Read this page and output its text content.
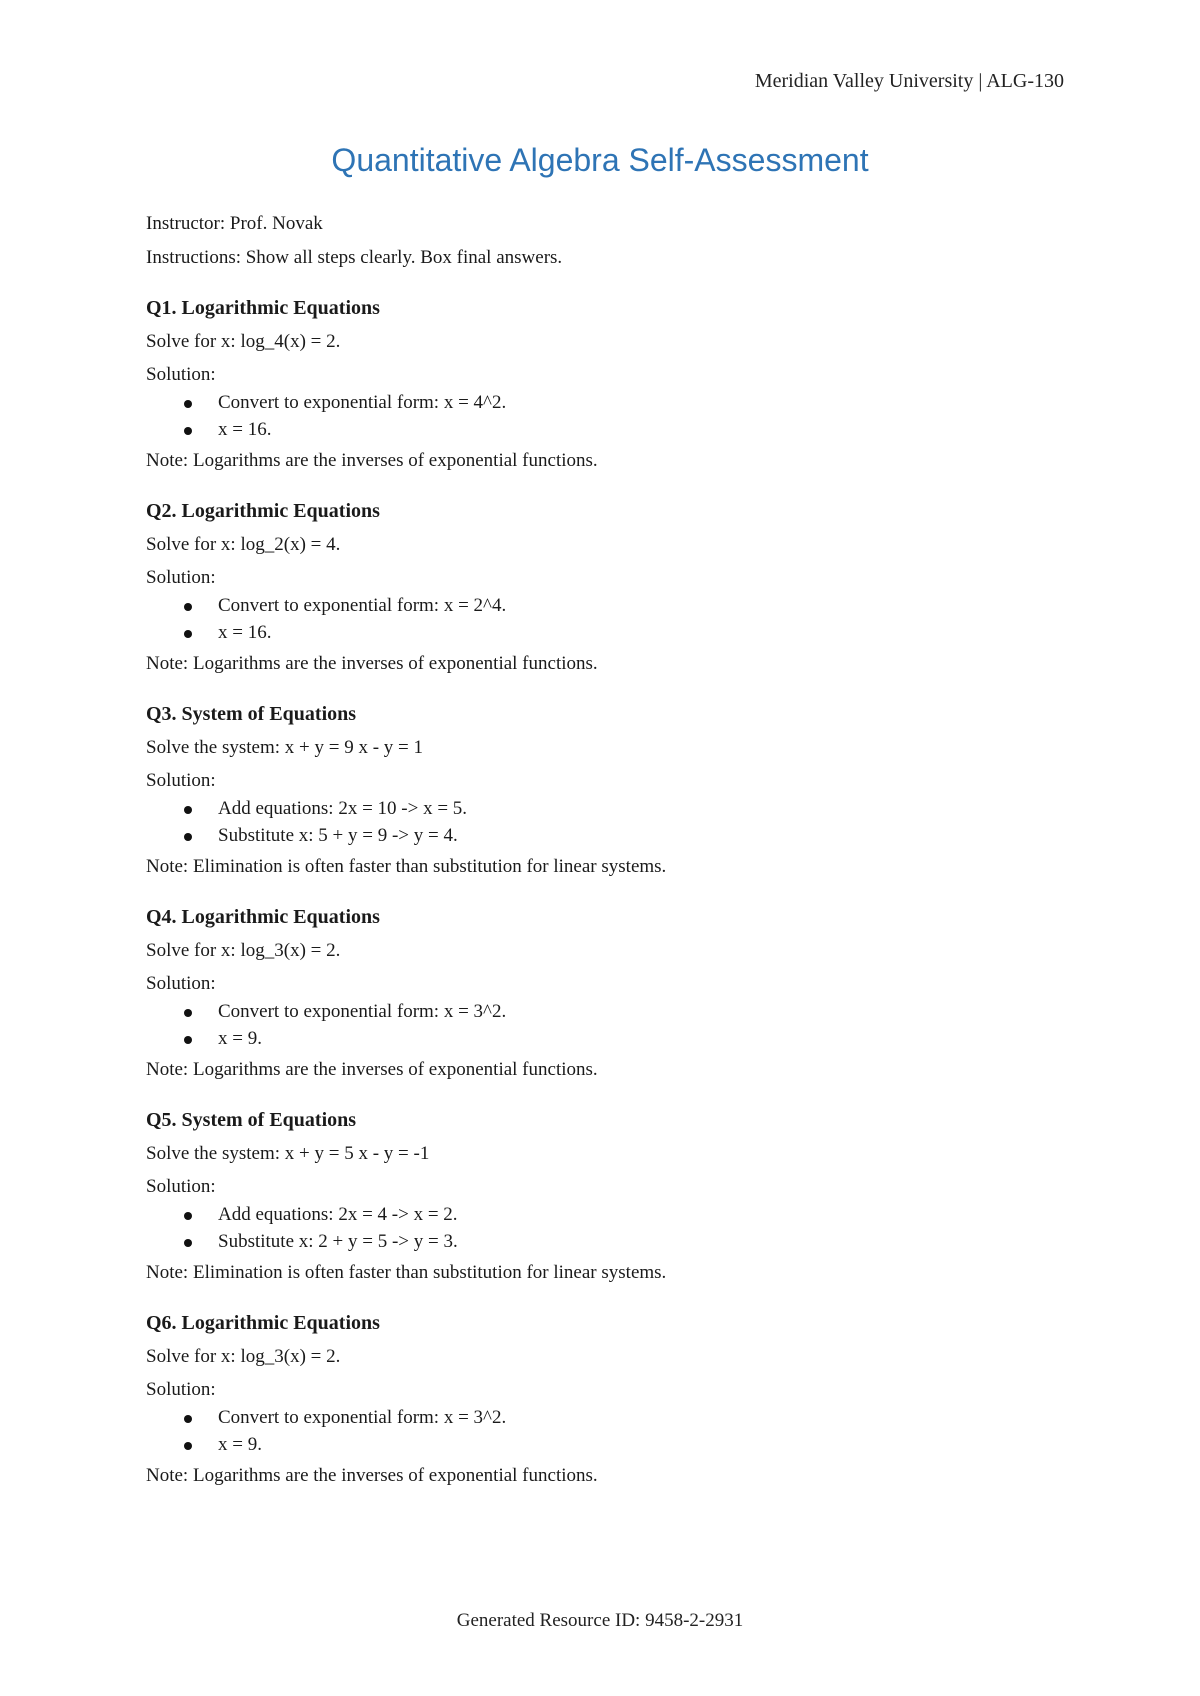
Meridian Valley University | ALG-130
Quantitative Algebra Self-Assessment

Instructor: Prof. Novak

Instructions: Show all steps clearly. Box final answers.

Q1. Logarithmic Equations

Solve for x: log_4(x) = 2.

Solution:

Convert to exponential form: x = 4^2.
x = 16.

Note: Logarithms are the inverses of exponential functions.

Q2. Logarithmic Equations

Solve for x: log_2(x) = 4.

Solution:

Convert to exponential form: x = 2^4.
x = 16.

Note: Logarithms are the inverses of exponential functions.

Q3. System of Equations

Solve the system: x + y = 9 x - y = 1

Solution:

Add equations: 2x = 10 -> x = 5.
Substitute x: 5 + y = 9 -> y = 4.

Note: Elimination is often faster than substitution for linear systems.

Q4. Logarithmic Equations

Solve for x: log_3(x) = 2.

Solution:

Convert to exponential form: x = 3^2.
x = 9.

Note: Logarithms are the inverses of exponential functions.

Q5. System of Equations

Solve the system: x + y = 5 x - y = -1

Solution:

Add equations: 2x = 4 -> x = 2.
Substitute x: 2 + y = 5 -> y = 3.

Note: Elimination is often faster than substitution for linear systems.

Q6. Logarithmic Equations

Solve for x: log_3(x) = 2.

Solution:

Convert to exponential form: x = 3^2.
x = 9.

Note: Logarithms are the inverses of exponential functions.

Generated Resource ID: 9458-2-2931
